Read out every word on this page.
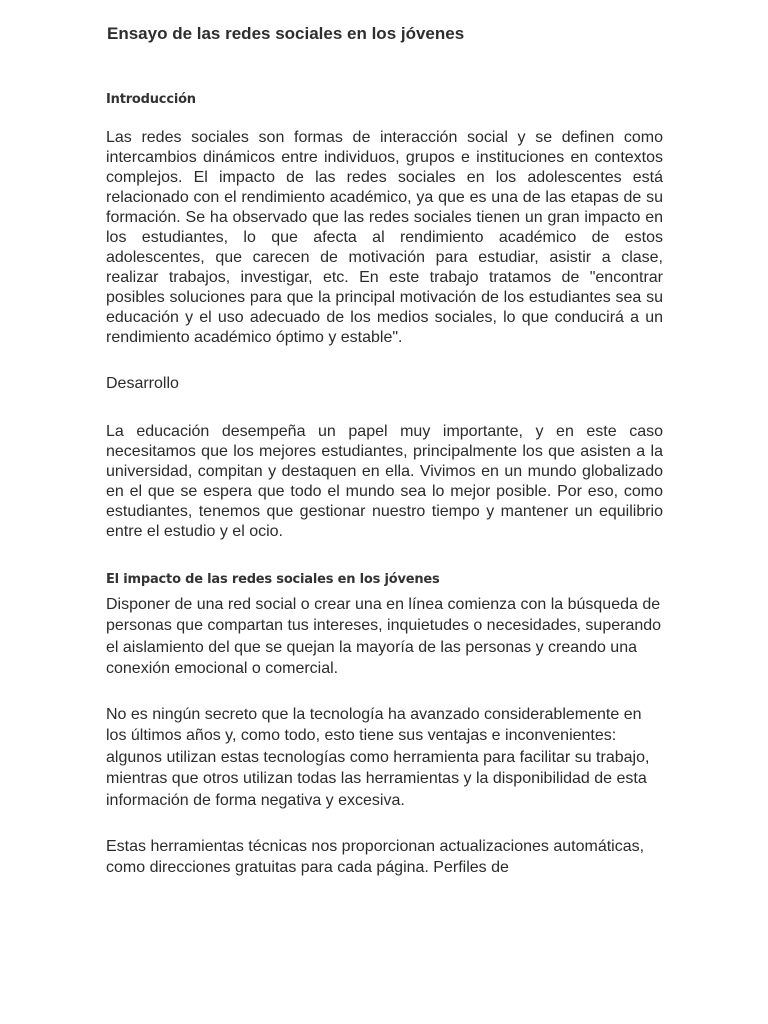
Ensayo de las redes sociales en los jóvenes
Introducción

Las redes sociales son formas de interacción social y se definen como intercambios dinámicos entre individuos, grupos e instituciones en contextos complejos. El impacto de las redes sociales en los adolescentes está relacionado con el rendimiento académico, ya que es una de las etapas de su formación. Se ha observado que las redes sociales tienen un gran impacto en los estudiantes, lo que afecta al rendimiento académico de estos adolescentes, que carecen de motivación para estudiar, asistir a clase, realizar trabajos, investigar, etc. En este trabajo tratamos de "encontrar posibles soluciones para que la principal motivación de los estudiantes sea su educación y el uso adecuado de los medios sociales, lo que conducirá a un rendimiento académico óptimo y estable".

Desarrollo

La educación desempeña un papel muy importante, y en este caso necesitamos que los mejores estudiantes, principalmente los que asisten a la universidad, compitan y destaquen en ella. Vivimos en un mundo globalizado en el que se espera que todo el mundo sea lo mejor posible. Por eso, como estudiantes, tenemos que gestionar nuestro tiempo y mantener un equilibrio entre el estudio y el ocio.

El impacto de las redes sociales en los jóvenes

Disponer de una red social o crear una en línea comienza con la búsqueda de personas que compartan tus intereses, inquietudes o necesidades, superando el aislamiento del que se quejan la mayoría de las personas y creando una conexión emocional o comercial.

No es ningún secreto que la tecnología ha avanzado considerablemente en los últimos años y, como todo, esto tiene sus ventajas e inconvenientes: algunos utilizan estas tecnologías como herramienta para facilitar su trabajo, mientras que otros utilizan todas las herramientas y la disponibilidad de esta información de forma negativa y excesiva.

Estas herramientas técnicas nos proporcionan actualizaciones automáticas, como direcciones gratuitas para cada página. Perfiles de
